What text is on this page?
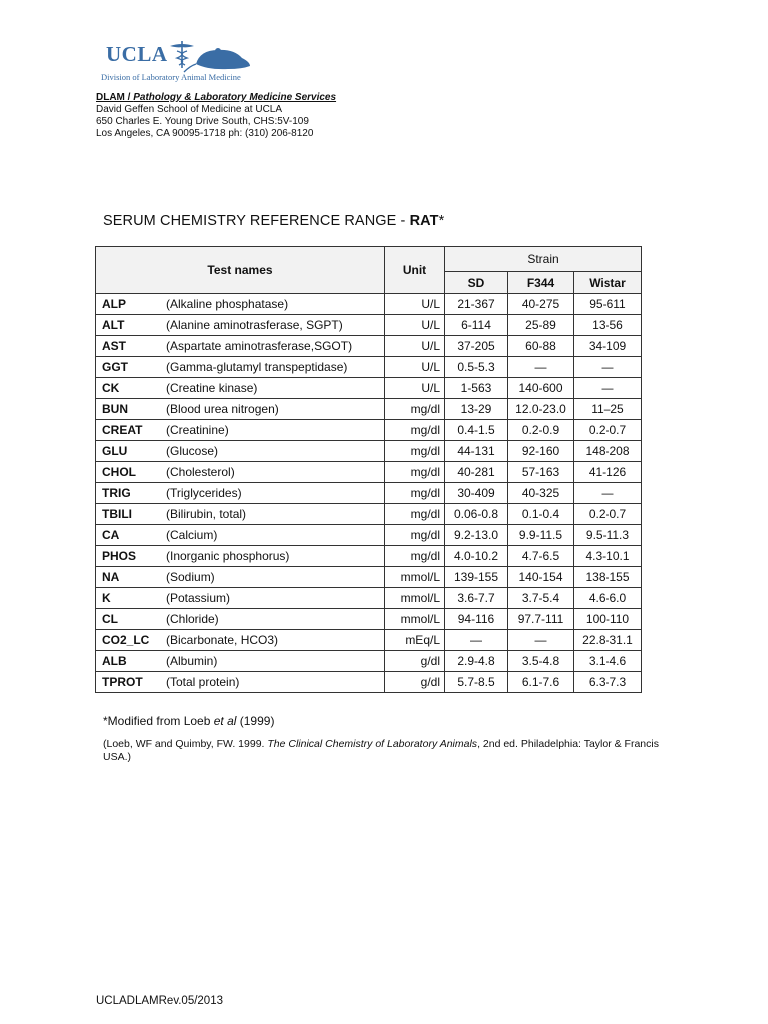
UCLA
Division of Laboratory Animal Medicine
DLAM / Pathology & Laboratory Medicine Services
David Geffen School of Medicine at UCLA
650 Charles E. Young Drive South, CHS:5V-109
Los Angeles, CA 90095-1718 ph: (310) 206-8120
SERUM CHEMISTRY REFERENCE RANGE - RAT*
Test names		Unit	Strain		
			SD	F344	Wistar
ALP	(Alkaline phosphatase)	U/L	21-367	40-275	95-611
ALT	(Alanine aminotrasferase, SGPT)	U/L	6-114	25-89	13-56
AST	(Aspartate aminotrasferase,SGOT)	U/L	37-205	60-88	34-109
GGT	(Gamma-glutamyl transpeptidase)	U/L	0.5-5.3	—	—
CK	(Creatine kinase)	U/L	1-563	140-600	—
BUN	(Blood urea nitrogen)	mg/dl	13-29	12.0-23.0	11–25
CREAT	(Creatinine)	mg/dl	0.4-1.5	0.2-0.9	0.2-0.7
GLU	(Glucose)	mg/dl	44-131	92-160	148-208
CHOL	(Cholesterol)	mg/dl	40-281	57-163	41-126
TRIG	(Triglycerides)	mg/dl	30-409	40-325	—
TBILI	(Bilirubin, total)	mg/dl	0.06-0.8	0.1-0.4	0.2-0.7
CA	(Calcium)	mg/dl	9.2-13.0	9.9-11.5	9.5-11.3
PHOS	(Inorganic phosphorus)	mg/dl	4.0-10.2	4.7-6.5	4.3-10.1
NA	(Sodium)	mmol/L	139-155	140-154	138-155
K	(Potassium)	mmol/L	3.6-7.7	3.7-5.4	4.6-6.0
CL	(Chloride)	mmol/L	94-116	97.7-111	100-110
CO2_LC	(Bicarbonate, HCO3)	mEq/L	—	—	22.8-31.1
ALB	(Albumin)	g/dl	2.9-4.8	3.5-4.8	3.1-4.6
TPROT	(Total protein)	g/dl	5.7-8.5	6.1-7.6	6.3-7.3
*Modified from Loeb et al (1999)
(Loeb, WF and Quimby, FW. 1999. The Clinical Chemistry of Laboratory Animals, 2nd ed. Philadelphia: Taylor & Francis USA.)
UCLADLAMRev.05/2013
